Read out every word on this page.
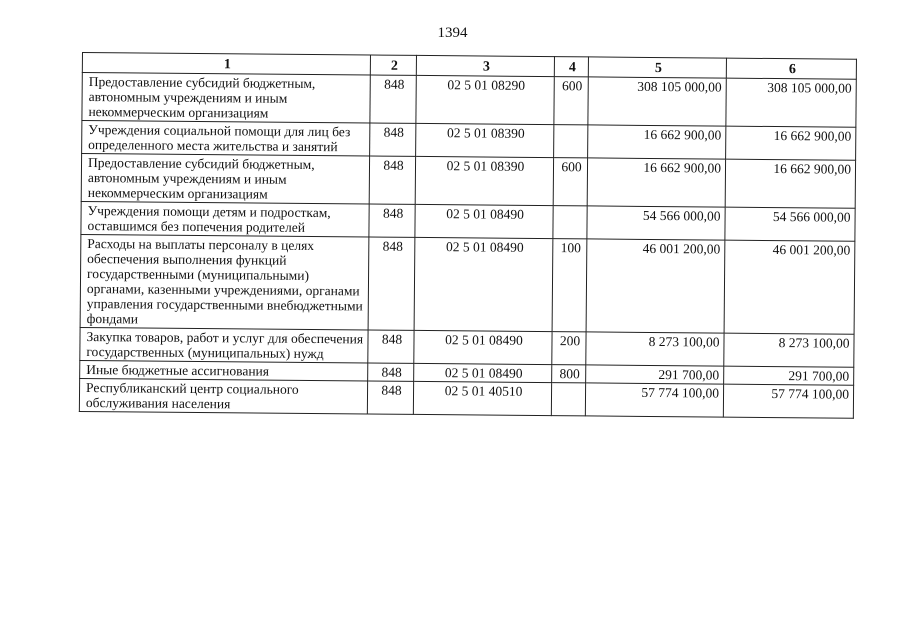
1394
1	2	3	4	5	6
Предоставление субсидий бюджетным, автономным учреждениям и иным некоммерческим организациям	848	02 5 01 08290	600	308 105 000,00	308 105 000,00
Учреждения социальной помощи для лиц без определенного места жительства и занятий	848	02 5 01 08390		16 662 900,00	16 662 900,00
Предоставление субсидий бюджетным, автономным учреждениям и иным некоммерческим организациям	848	02 5 01 08390	600	16 662 900,00	16 662 900,00
Учреждения помощи детям и подросткам, оставшимся без попечения родителей	848	02 5 01 08490		54 566 000,00	54 566 000,00
Расходы на выплаты персоналу в целях обеспечения выполнения функций государственными (муниципальными) органами, казенными учреждениями, органами управления государственными внебюджетными фондами	848	02 5 01 08490	100	46 001 200,00	46 001 200,00
Закупка товаров, работ и услуг для обеспечения государственных (муниципальных) нужд	848	02 5 01 08490	200	8 273 100,00	8 273 100,00
Иные бюджетные ассигнования	848	02 5 01 08490	800	291 700,00	291 700,00
Республиканский центр социального обслуживания населения	848	02 5 01 40510		57 774 100,00	57 774 100,00
